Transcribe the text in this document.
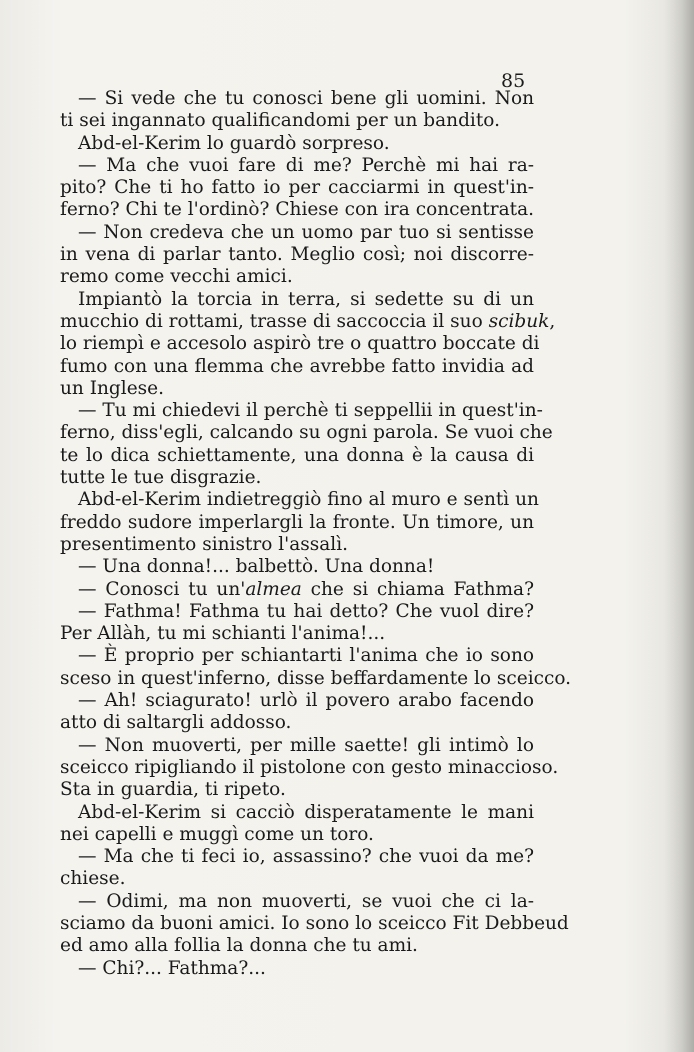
85
— Si vede che tu conosci bene gli uomini. Non
ti sei ingannato qualificandomi per un bandito.
Abd-el-Kerim lo guardò sorpreso.
— Ma che vuoi fare di me? Perchè mi hai ra-
pito? Che ti ho fatto io per cacciarmi in quest'in-
ferno? Chi te l'ordinò? Chiese con ira concentrata.
— Non credeva che un uomo par tuo si sentisse
in vena di parlar tanto. Meglio così; noi discorre-
remo come vecchi amici.
Impiantò la torcia in terra, si sedette su di un
mucchio di rottami, trasse di saccoccia il suo scibuk,
lo riempì e accesolo aspirò tre o quattro boccate di
fumo con una flemma che avrebbe fatto invidia ad
un Inglese.
— Tu mi chiedevi il perchè ti seppellii in quest'in-
ferno, diss'egli, calcando su ogni parola. Se vuoi che
te lo dica schiettamente, una donna è la causa di
tutte le tue disgrazie.
Abd-el-Kerim indietreggiò fino al muro e sentì un
freddo sudore imperlargli la fronte. Un timore, un
presentimento sinistro l'assalì.
— Una donna!... balbettò. Una donna!
— Conosci tu un'almea che si chiama Fathma?
— Fathma! Fathma tu hai detto? Che vuol dire?
Per Allàh, tu mi schianti l'anima!...
— È proprio per schiantarti l'anima che io sono
sceso in quest'inferno, disse beffardamente lo sceicco.
— Ah! sciagurato! urlò il povero arabo facendo
atto di saltargli addosso.
— Non muoverti, per mille saette! gli intimò lo
sceicco ripigliando il pistolone con gesto minaccioso.
Sta in guardia, ti ripeto.
Abd-el-Kerim si cacciò disperatamente le mani
nei capelli e muggì come un toro.
— Ma che ti feci io, assassino? che vuoi da me?
chiese.
— Odimi, ma non muoverti, se vuoi che ci la-
sciamo da buoni amici. Io sono lo sceicco Fit Debbeud
ed amo alla follia la donna che tu ami.
— Chi?... Fathma?...
